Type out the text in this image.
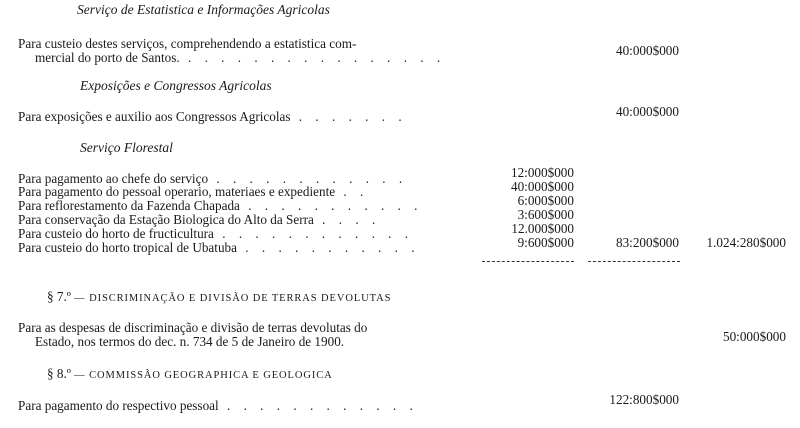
Serviço de Estatistica e Informações Agricolas
Para custeio destes serviços, comprehendendo a estatistica com-
mercial do porto de Santos. . . . . . . . . . . . . . . . .	40:000$000
Exposições e Congressos Agricolas
Para exposições e auxilio aos Congressos Agricolas . . . . . . .	40:000$000
Serviço Florestal
Para pagamento ao chefe do serviço . . . . . . . . . . . .	12:000$000
Para pagamento do pessoal operario, materiaes e expediente . .	40:000$000
Para reflorestamento da Fazenda Chapada . . . . . . . . . . .	6:000$000
Para conservação da Estação Biologica do Alto da Serra . . . .	3:600$000
Para custeio do horto de fructicultura . . . . . . . . . . . .	12.000$000
Para custeio do horto tropical de Ubatuba . . . . . . . . . . .	9:600$000	83:200$000	1.024:280$000
§ 7.º — DISCRIMINAÇÃO E DIVISÃO DE TERRAS DEVOLUTAS
Para as despesas de discriminação e divisão de terras devolutas do
Estado, nos termos do dec. n. 734 de 5 de Janeiro de 1900.	50:000$000
§ 8.º — COMMISSÃO GEOGRAPHICA E GEOLOGICA
Para pagamento do respectivo pessoal . . . . . . . . . . . .	122:800$000
